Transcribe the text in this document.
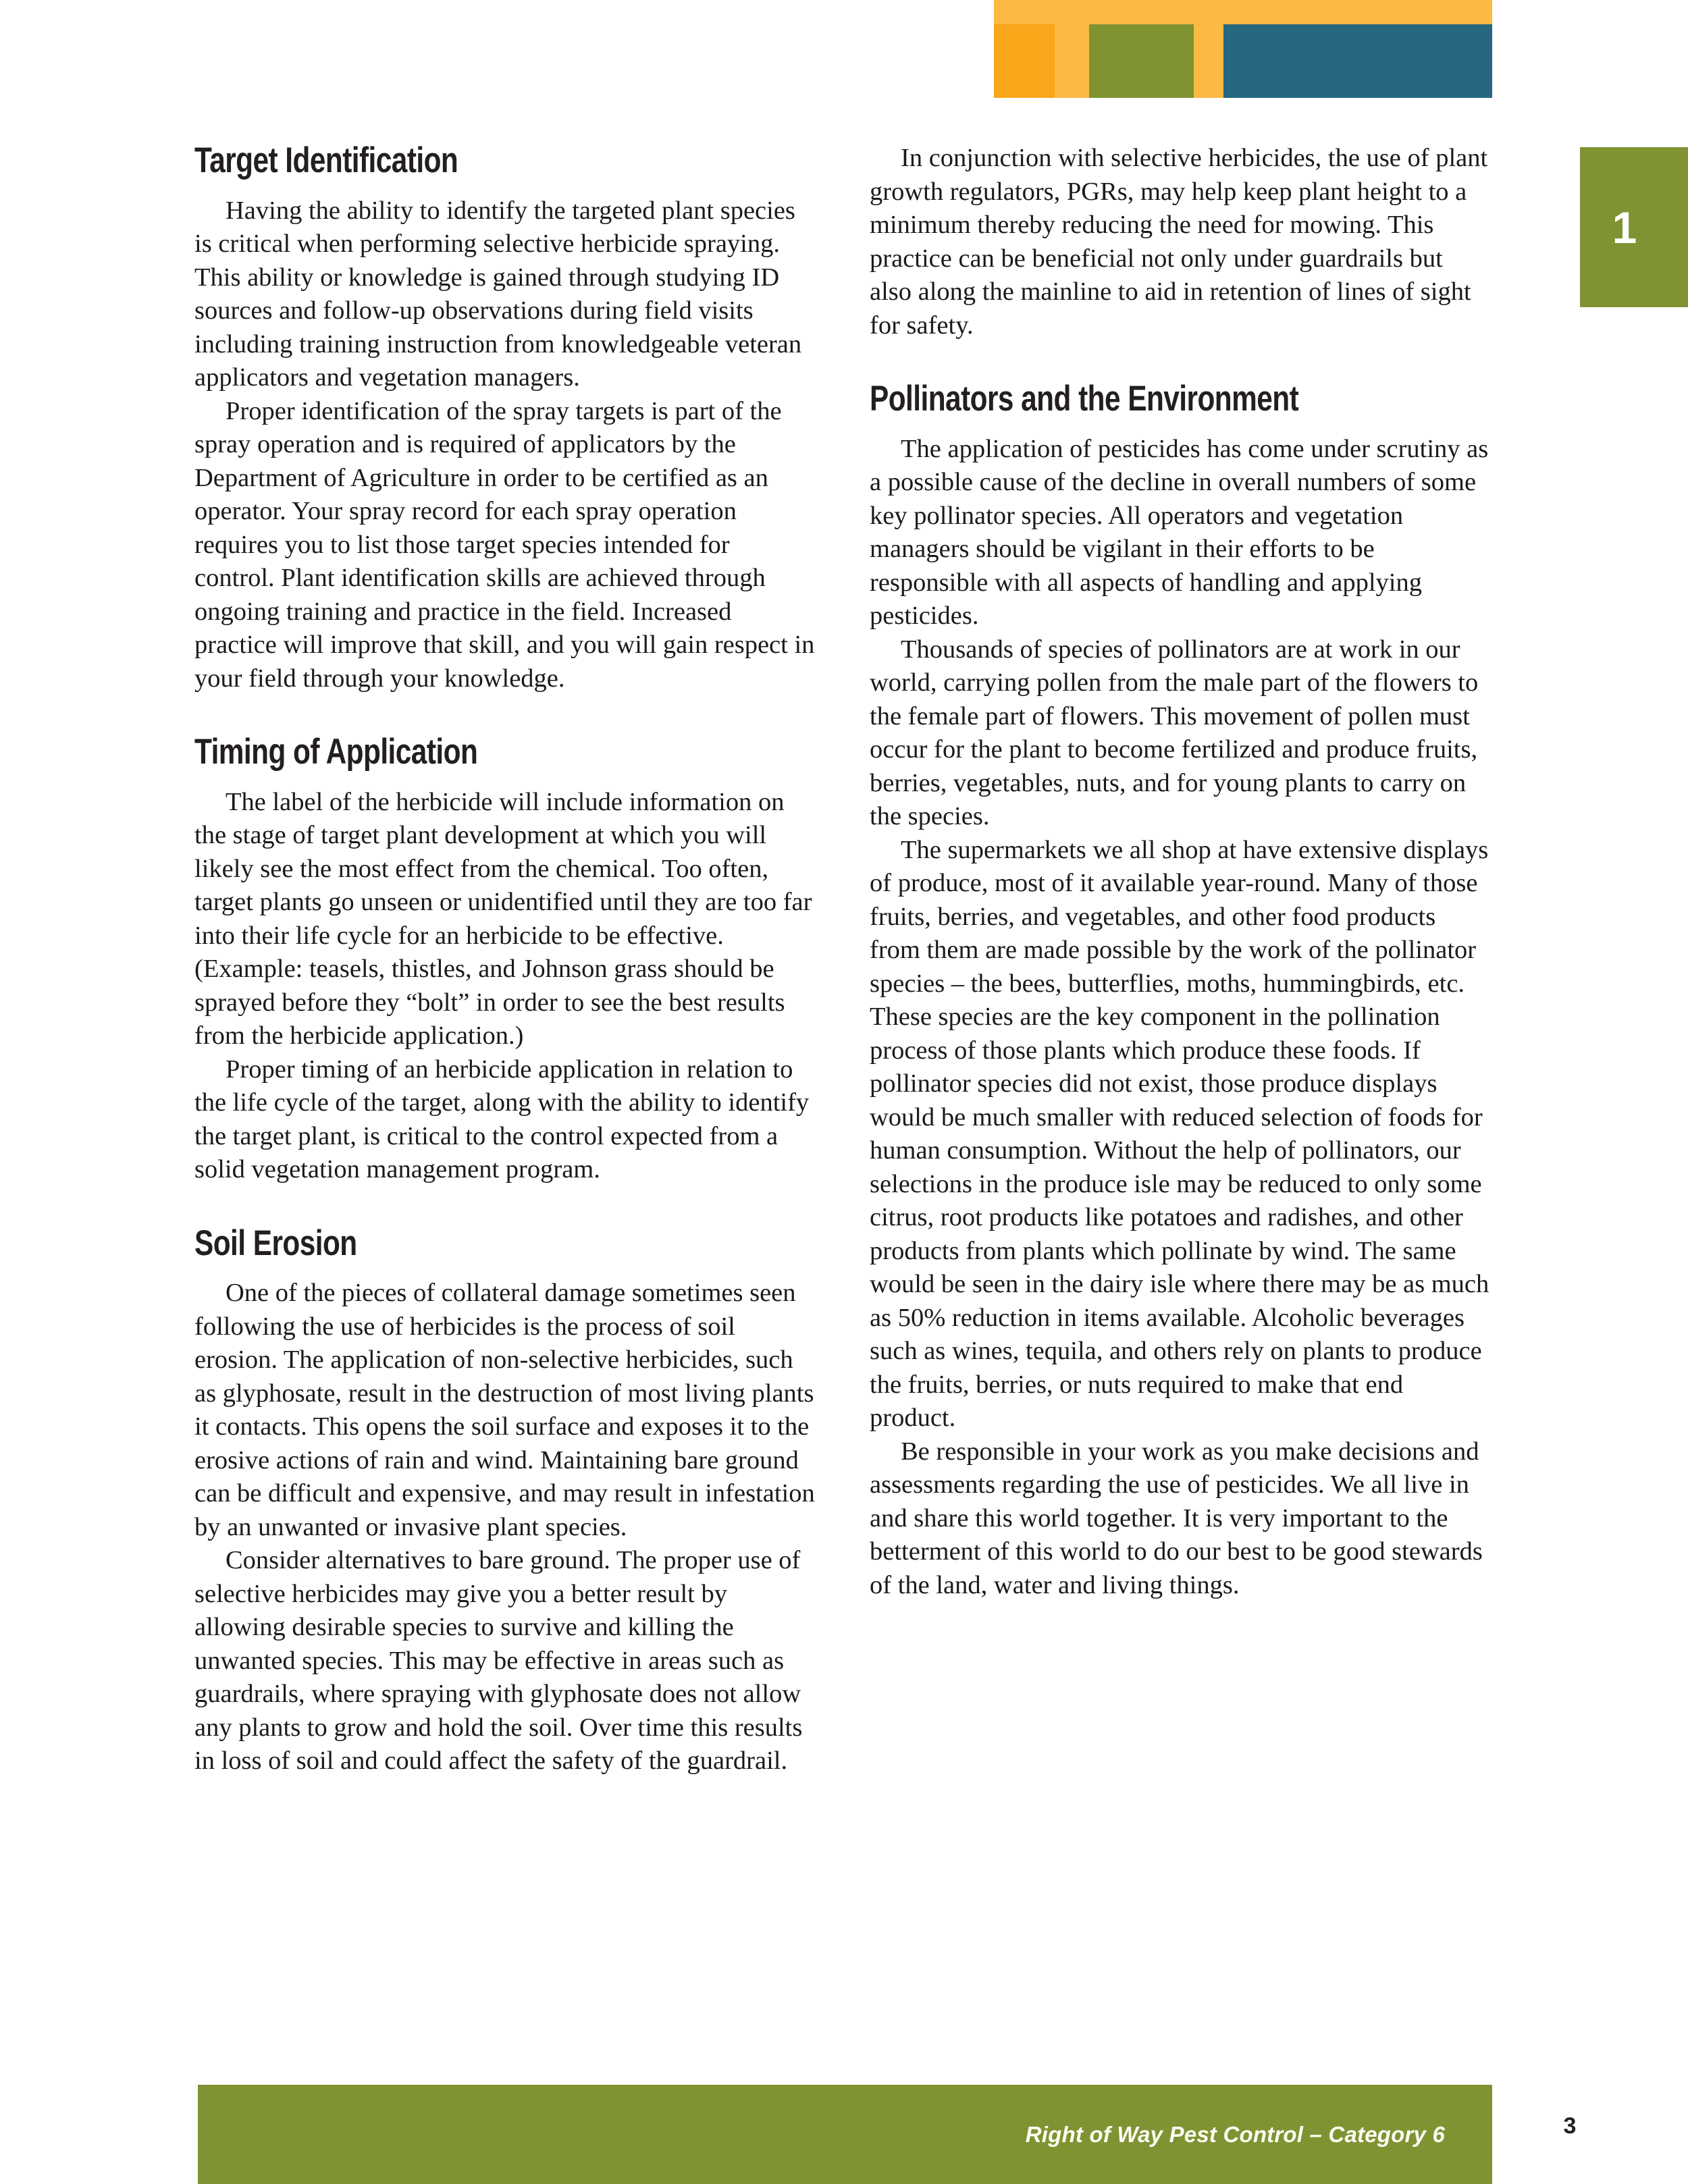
1
Target Identification

Having the ability to identify the targeted plant species is critical when performing selective herbicide spraying. This ability or knowledge is gained through studying ID sources and follow-up observations during field visits including training instruction from knowledgeable veteran applicators and vegetation managers.

Proper identification of the spray targets is part of the spray operation and is required of applicators by the Department of Agriculture in order to be certified as an operator. Your spray record for each spray operation requires you to list those target species intended for control. Plant identification skills are achieved through ongoing training and practice in the field. Increased practice will improve that skill, and you will gain respect in your field through your knowledge.

Timing of Application

The label of the herbicide will include information on the stage of target plant development at which you will likely see the most effect from the chemical. Too often, target plants go unseen or unidentified until they are too far into their life cycle for an herbicide to be effective. (Example: teasels, thistles, and Johnson grass should be sprayed before they “bolt” in order to see the best results from the herbicide application.)

Proper timing of an herbicide application in relation to the life cycle of the target, along with the ability to identify the target plant, is critical to the control expected from a solid vegetation management program.

Soil Erosion

One of the pieces of collateral damage sometimes seen following the use of herbicides is the process of soil erosion. The application of non-selective herbicides, such as glyphosate, result in the destruction of most living plants it contacts. This opens the soil surface and exposes it to the erosive actions of rain and wind. Maintaining bare ground can be difficult and expensive, and may result in infestation by an unwanted or invasive plant species.

Consider alternatives to bare ground. The proper use of selective herbicides may give you a better result by allowing desirable species to survive and killing the unwanted species. This may be effective in areas such as guardrails, where spraying with glyphosate does not allow any plants to grow and hold the soil. Over time this results in loss of soil and could affect the safety of the guardrail.

In conjunction with selective herbicides, the use of plant growth regulators, PGRs, may help keep plant height to a minimum thereby reducing the need for mowing. This practice can be beneficial not only under guardrails but also along the mainline to aid in retention of lines of sight for safety.

Pollinators and the Environment

The application of pesticides has come under scrutiny as a possible cause of the decline in overall numbers of some key pollinator species. All operators and vegetation managers should be vigilant in their efforts to be responsible with all aspects of handling and applying pesticides.

Thousands of species of pollinators are at work in our world, carrying pollen from the male part of the flowers to the female part of flowers. This movement of pollen must occur for the plant to become fertilized and produce fruits, berries, vegetables, nuts, and for young plants to carry on the species.

The supermarkets we all shop at have extensive displays of produce, most of it available year-round. Many of those fruits, berries, and vegetables, and other food products from them are made possible by the work of the pollinator species – the bees, butterflies, moths, hummingbirds, etc. These species are the key component in the pollination process of those plants which produce these foods. If pollinator species did not exist, those produce displays would be much smaller with reduced selection of foods for human consumption. Without the help of pollinators, our selections in the produce isle may be reduced to only some citrus, root products like potatoes and radishes, and other products from plants which pollinate by wind. The same would be seen in the dairy isle where there may be as much as 50% reduction in items available. Alcoholic beverages such as wines, tequila, and others rely on plants to produce the fruits, berries, or nuts required to make that end product.

Be responsible in your work as you make decisions and assessments regarding the use of pesticides. We all live in and share this world together. It is very important to the betterment of this world to do our best to be good stewards of the land, water and living things.

Right of Way Pest Control – Category 6	3
